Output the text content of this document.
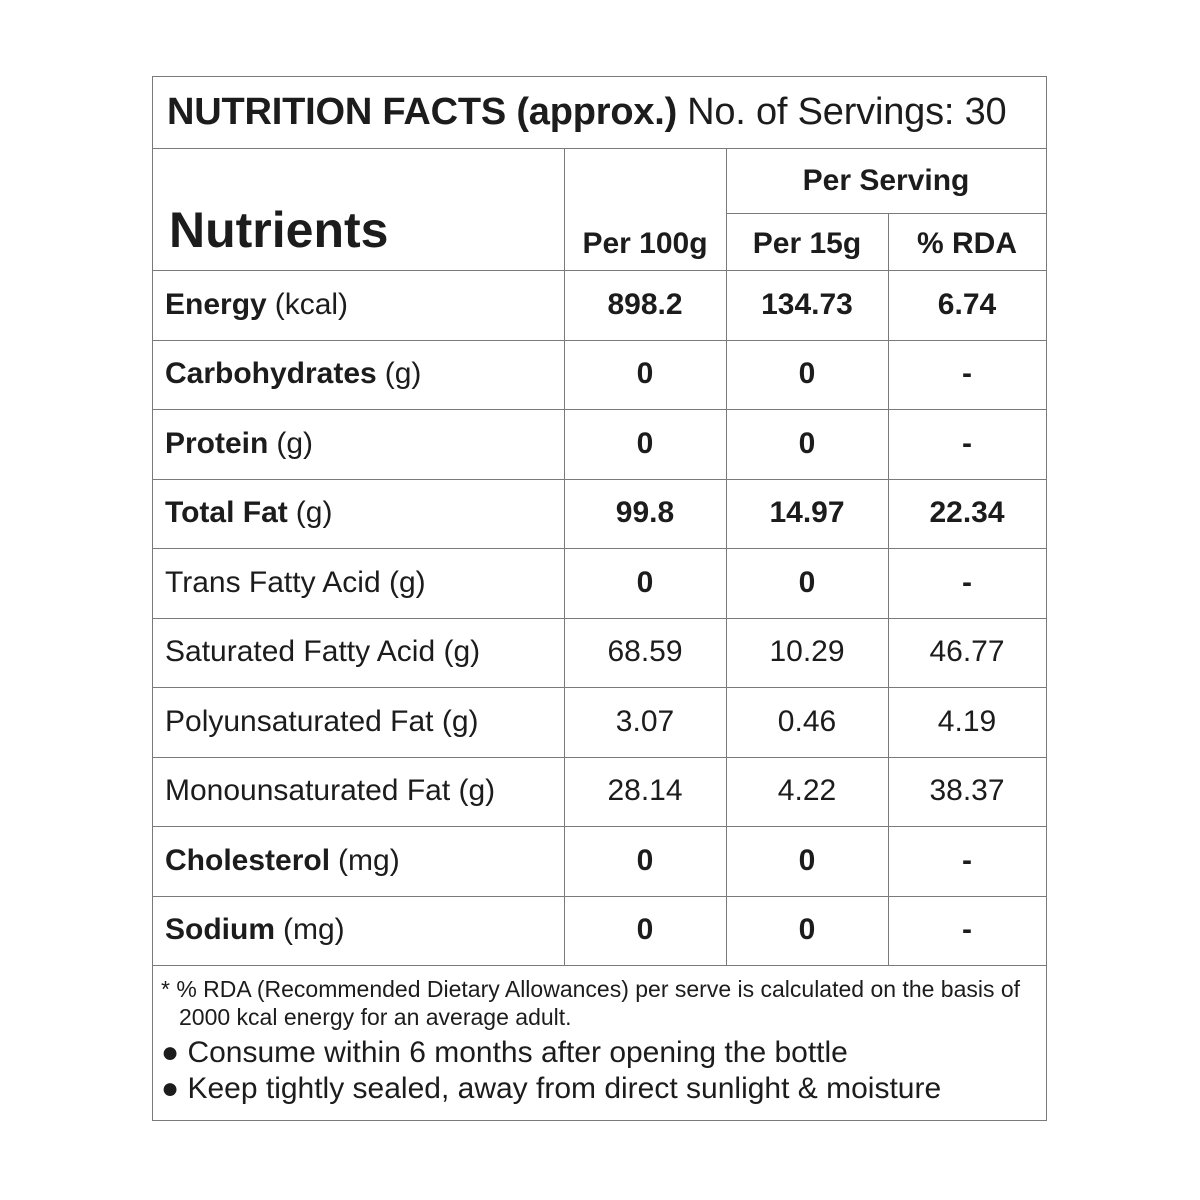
NUTRITION FACTS (approx.) No. of Servings: 30
Nutrients	Per 100g
Per Serving
Per 15g	% RDA
Energy (kcal)	898.2	134.73	6.74
Carbohydrates (g)	0	0	-
Protein (g)	0	0	-
Total Fat (g)	99.8	14.97	22.34
Trans Fatty Acid (g)	0	0	-
Saturated Fatty Acid (g)	68.59	10.29	46.77
Polyunsaturated Fat (g)	3.07	0.46	4.19
Monounsaturated Fat (g)	28.14	4.22	38.37
Cholesterol (mg)	0	0	-
Sodium (mg)	0	0	-
* % RDA (Recommended Dietary Allowances) per serve is calculated on the basis of 2000 kcal energy for an average adult.
● Consume within 6 months after opening the bottle
● Keep tightly sealed, away from direct sunlight & moisture
